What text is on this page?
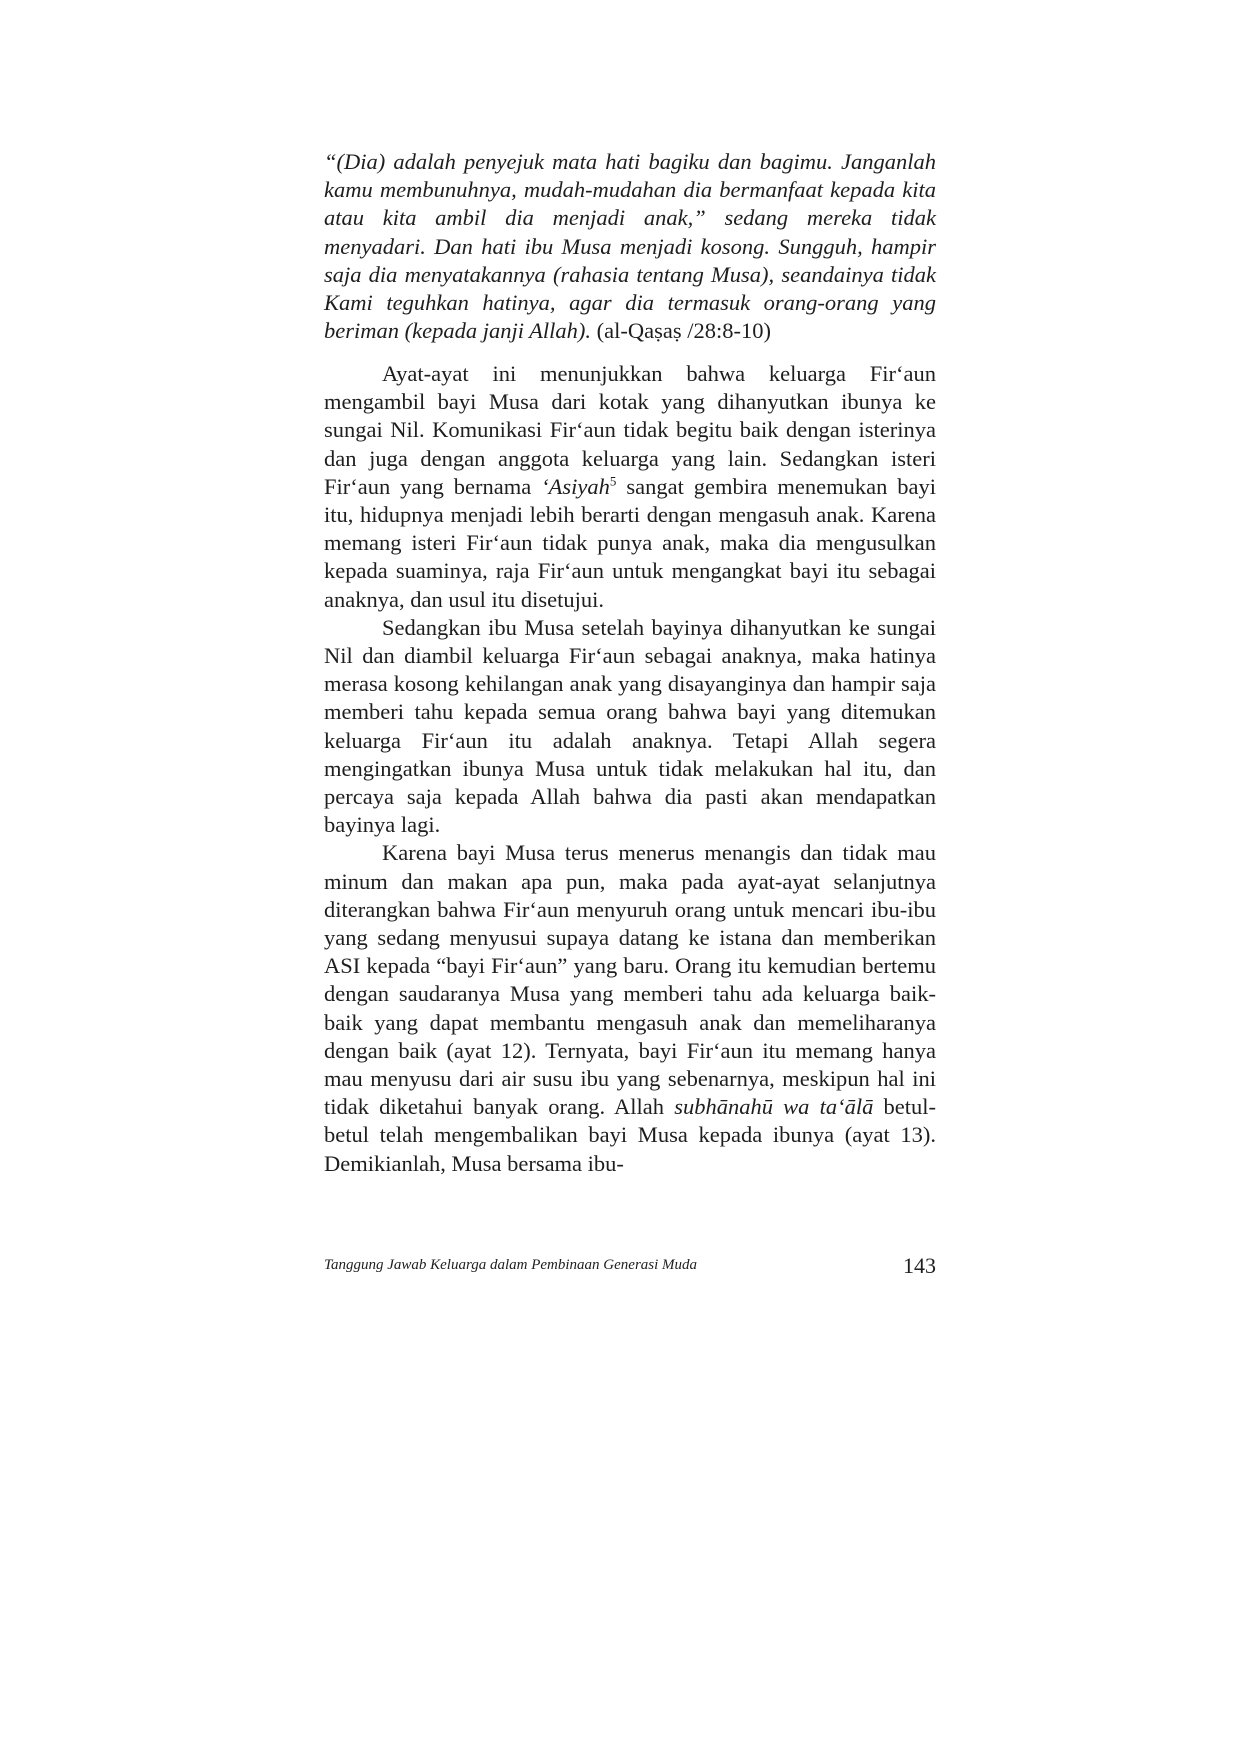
“(Dia) adalah penyejuk mata hati bagiku dan bagimu. Janganlah kamu membunuhnya, mudah-mudahan dia bermanfaat kepada kita atau kita ambil dia menjadi anak,” sedang mereka tidak menyadari. Dan hati ibu Musa menjadi kosong. Sungguh, hampir saja dia menyatakannya (rahasia tentang Musa), seandainya tidak Kami teguhkan hatinya, agar dia termasuk orang-orang yang beriman (kepada janji Allah). (al-Qaṣaṣ /28:8-10)

Ayat-ayat ini menunjukkan bahwa keluarga Fir‘aun mengambil bayi Musa dari kotak yang dihanyutkan ibunya ke sungai Nil. Komunikasi Fir‘aun tidak begitu baik dengan isterinya dan juga dengan anggota keluarga yang lain. Sedangkan isteri Fir‘aun yang bernama ‘Asiyah$^5$ sangat gembira menemukan bayi itu, hidupnya menjadi lebih berarti dengan mengasuh anak. Karena memang isteri Fir‘aun tidak punya anak, maka dia mengusulkan kepada suaminya, raja Fir‘aun untuk mengangkat bayi itu sebagai anaknya, dan usul itu disetujui.

Sedangkan ibu Musa setelah bayinya dihanyutkan ke sungai Nil dan diambil keluarga Fir‘aun sebagai anaknya, maka hatinya merasa kosong kehilangan anak yang disayanginya dan hampir saja memberi tahu kepada semua orang bahwa bayi yang ditemukan keluarga Fir‘aun itu adalah anaknya. Tetapi Allah segera mengingatkan ibunya Musa untuk tidak melakukan hal itu, dan percaya saja kepada Allah bahwa dia pasti akan mendapatkan bayinya lagi.

Karena bayi Musa terus menerus menangis dan tidak mau minum dan makan apa pun, maka pada ayat-ayat selanjutnya diterangkan bahwa Fir‘aun menyuruh orang untuk mencari ibu-ibu yang sedang menyusui supaya datang ke istana dan memberikan ASI kepada “bayi Fir‘aun” yang baru. Orang itu kemudian bertemu dengan saudaranya Musa yang memberi tahu ada keluarga baik-baik yang dapat membantu mengasuh anak dan memeliharanya dengan baik (ayat 12). Ternyata, bayi Fir‘aun itu memang hanya mau menyusu dari air susu ibu yang sebenarnya, meskipun hal ini tidak diketahui banyak orang. Allah subhānahū wa ta‘ālā betul-betul telah mengembalikan bayi Musa kepada ibunya (ayat 13). Demikianlah, Musa bersama ibu-

Tanggung Jawab Keluarga dalam Pembinaan Generasi Muda	143
